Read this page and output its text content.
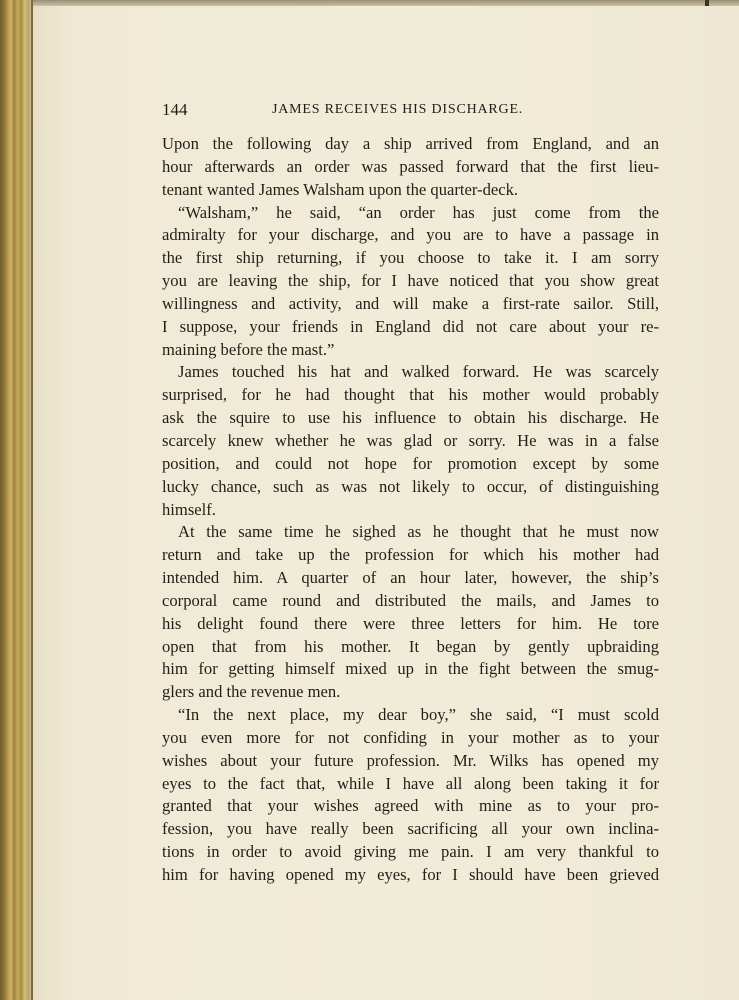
144	JAMES RECEIVES HIS DISCHARGE.
Upon the following day a ship arrived from England, and an
hour afterwards an order was passed forward that the first lieu-
tenant wanted James Walsham upon the quarter-deck.
“Walsham,” he said, “an order has just come from the
admiralty for your discharge, and you are to have a passage in
the first ship returning, if you choose to take it. I am sorry
you are leaving the ship, for I have noticed that you show great
willingness and activity, and will make a first-rate sailor. Still,
I suppose, your friends in England did not care about your re-
maining before the mast.”
James touched his hat and walked forward. He was scarcely
surprised, for he had thought that his mother would probably
ask the squire to use his influence to obtain his discharge. He
scarcely knew whether he was glad or sorry. He was in a false
position, and could not hope for promotion except by some
lucky chance, such as was not likely to occur, of distinguishing
himself.
At the same time he sighed as he thought that he must now
return and take up the profession for which his mother had
intended him. A quarter of an hour later, however, the ship’s
corporal came round and distributed the mails, and James to
his delight found there were three letters for him. He tore
open that from his mother. It began by gently upbraiding
him for getting himself mixed up in the fight between the smug-
glers and the revenue men.
“In the next place, my dear boy,” she said, “I must scold
you even more for not confiding in your mother as to your
wishes about your future profession. Mr. Wilks has opened my
eyes to the fact that, while I have all along been taking it for
granted that your wishes agreed with mine as to your pro-
fession, you have really been sacrificing all your own inclina-
tions in order to avoid giving me pain. I am very thankful to
him for having opened my eyes, for I should have been grieved
